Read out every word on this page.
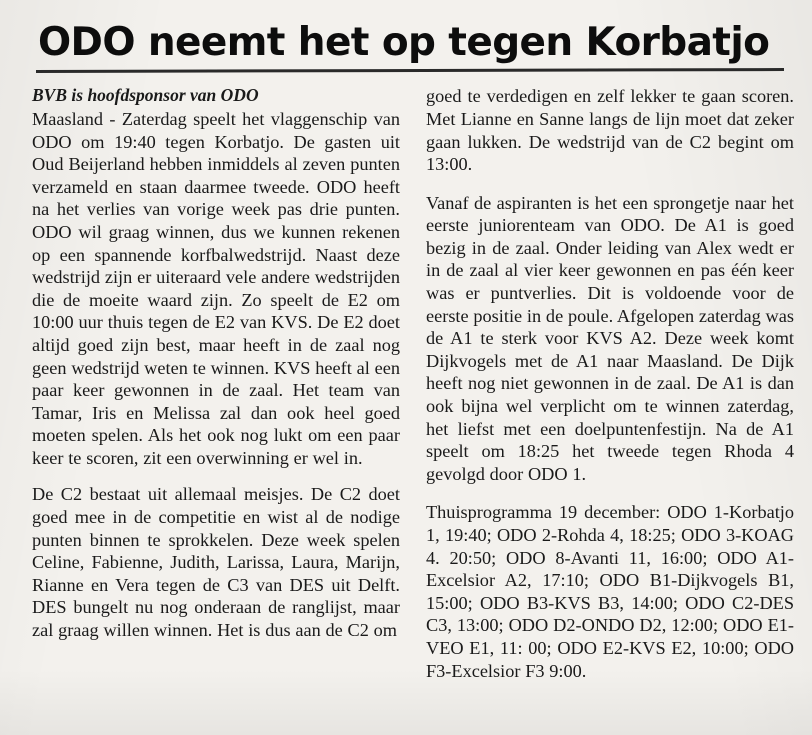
ODO neemt het op tegen Korbatjo
BVB is hoofdsponsor van ODO

Maasland - Zaterdag speelt het vlaggenschip van ODO om 19:40 tegen Korbatjo. De gasten uit Oud Beijerland hebben inmiddels al zeven punten verzameld en staan daarmee tweede. ODO heeft na het verlies van vorige week pas drie punten. ODO wil graag winnen, dus we kunnen rekenen op een spannende korfbalwedstrijd. Naast deze wedstrijd zijn er uiteraard vele andere wedstrijden die de moeite waard zijn. Zo speelt de E2 om 10:00 uur thuis tegen de E2 van KVS. De E2 doet altijd goed zijn best, maar heeft in de zaal nog geen wedstrijd weten te winnen. KVS heeft al een paar keer gewonnen in de zaal. Het team van Tamar, Iris en Melissa zal dan ook heel goed moeten spelen. Als het ook nog lukt om een paar keer te scoren, zit een overwinning er wel in.

De C2 bestaat uit allemaal meisjes. De C2 doet goed mee in de competitie en wist al de nodige punten binnen te sprokkelen. Deze week spelen Celine, Fabienne, Judith, Larissa, Laura, Marijn, Rianne en Vera tegen de C3 van DES uit Delft. DES bungelt nu nog onderaan de ranglijst, maar zal graag willen winnen. Het is dus aan de C2 om

goed te verdedigen en zelf lekker te gaan scoren. Met Lianne en Sanne langs de lijn moet dat zeker gaan lukken. De wedstrijd van de C2 begint om 13:00.

Vanaf de aspiranten is het een sprongetje naar het eerste juniorenteam van ODO. De A1 is goed bezig in de zaal. Onder leiding van Alex wedt er in de zaal al vier keer gewonnen en pas één keer was er puntverlies. Dit is voldoende voor de eerste positie in de poule. Afgelopen zaterdag was de A1 te sterk voor KVS A2. Deze week komt Dijkvogels met de A1 naar Maasland. De Dijk heeft nog niet gewonnen in de zaal. De A1 is dan ook bijna wel verplicht om te winnen zaterdag, het liefst met een doelpuntenfestijn. Na de A1 speelt om 18:25 het tweede tegen Rhoda 4 gevolgd door ODO 1.

Thuisprogramma 19 december: ODO 1-Korbatjo 1, 19:40; ODO 2-Rohda 4, 18:25; ODO 3-KOAG 4. 20:50; ODO 8-Avanti 11, 16:00; ODO A1-Excelsior A2, 17:10; ODO B1-Dijkvogels B1, 15:00; ODO B3-KVS B3, 14:00; ODO C2-DES C3, 13:00; ODO D2-ONDO D2, 12:00; ODO E1-VEO E1, 11: 00; ODO E2-KVS E2, 10:00; ODO F3-Excelsior F3 9:00.
